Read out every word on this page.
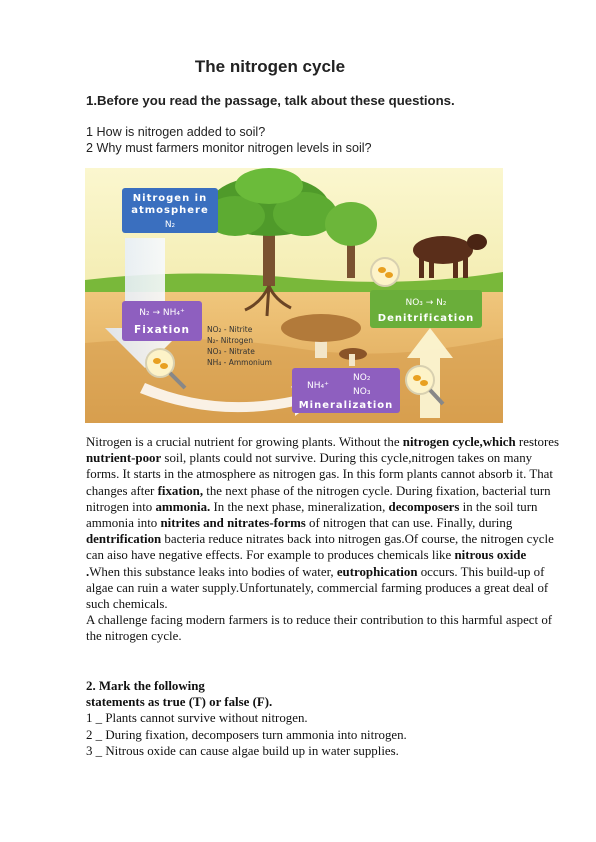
The nitrogen cycle
1.Before you read the passage, talk about these questions.
1 How is nitrogen added to soil?
2 Why must farmers monitor nitrogen levels in soil?
Nitrogen in
atmosphere
N₂
N₂ → NH₄⁺
Fixation NO₂ - Nitrite
N₂- Nitrogen
NO₃ - Nitrate
NH₄ - Ammonium
NO₃ → N₂
Denitrification
NH₄⁺
NO₂
NO₃
Mineralization

Nitrogen is a crucial nutrient for growing plants. Without the nitrogen cycle,which restores nutrient-poor soil, plants could not survive. During this cycle,nitrogen takes on many forms. It starts in the atmosphere as nitrogen gas. In this form plants cannot absorb it. That changes after fixation, the next phase of the nitrogen cycle. During fixation, bacterial turn nitrogen into ammonia. In the next phase, mineralization, decomposers in the soil turn ammonia into nitrites and nitrates-forms of nitrogen that can use. Finally, during dentrification bacteria reduce nitrates back into nitrogen gas.Of course, the nitrogen cycle can aiso have negative effects. For example to produces chemicals like nitrous oxide .When this substance leaks into bodies of water, eutrophication occurs. This build-up of algae can ruin a water supply.Unfortunately, commercial farming produces a great deal of such chemicals.

A challenge facing modern farmers is to reduce their contribution to this harmful aspect of the nitrogen cycle.

2. Mark the following
statements as true (T) or false (F).
1 _ Plants cannot survive without nitrogen.
2 _ During fixation, decomposers turn ammonia into nitrogen.
3 _ Nitrous oxide can cause algae build up in water supplies.
